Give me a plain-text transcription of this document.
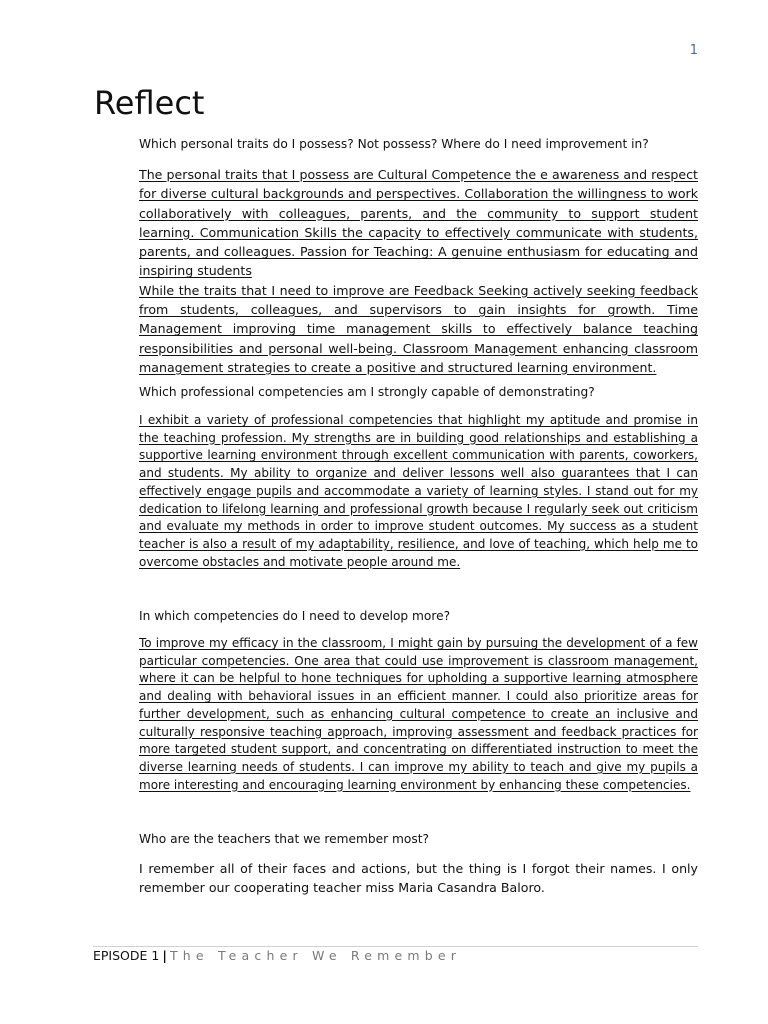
1
Reflect
Which personal traits do I possess? Not possess? Where do I need improvement in?

The personal traits that I possess are Cultural Competence the e awareness and respect for diverse cultural backgrounds and perspectives. Collaboration the willingness to work collaboratively with colleagues, parents, and the community to support student learning. Communication Skills the capacity to effectively communicate with students, parents, and colleagues. Passion for Teaching: A genuine enthusiasm for educating and inspiring students

While the traits that I need to improve are Feedback Seeking actively seeking feedback from students, colleagues, and supervisors to gain insights for growth. Time Management improving time management skills to effectively balance teaching responsibilities and personal well-being. Classroom Management enhancing classroom management strategies to create a positive and structured learning environment.

Which professional competencies am I strongly capable of demonstrating?
I exhibit a variety of professional competencies that highlight my aptitude and promise in the teaching profession. My strengths are in building good relationships and establishing a supportive learning environment through excellent communication with parents, coworkers, and students. My ability to organize and deliver lessons well also guarantees that I can effectively engage pupils and accommodate a variety of learning styles. I stand out for my dedication to lifelong learning and professional growth because I regularly seek out criticism and evaluate my methods in order to improve student outcomes. My success as a student teacher is also a result of my adaptability, resilience, and love of teaching, which help me to overcome obstacles and motivate people around me.
In which competencies do I need to develop more?
To improve my efficacy in the classroom, I might gain by pursuing the development of a few particular competencies. One area that could use improvement is classroom management, where it can be helpful to hone techniques for upholding a supportive learning atmosphere and dealing with behavioral issues in an efficient manner. I could also prioritize areas for further development, such as enhancing cultural competence to create an inclusive and culturally responsive teaching approach, improving assessment and feedback practices for more targeted student support, and concentrating on differentiated instruction to meet the diverse learning needs of students. I can improve my ability to teach and give my pupils a more interesting and encouraging learning environment by enhancing these competencies.
Who are the teachers that we remember most?
I remember all of their faces and actions, but the thing is I forgot their names. I only remember our cooperating teacher miss Maria Casandra Baloro.
EPISODE 1 | The Teacher We Remember
